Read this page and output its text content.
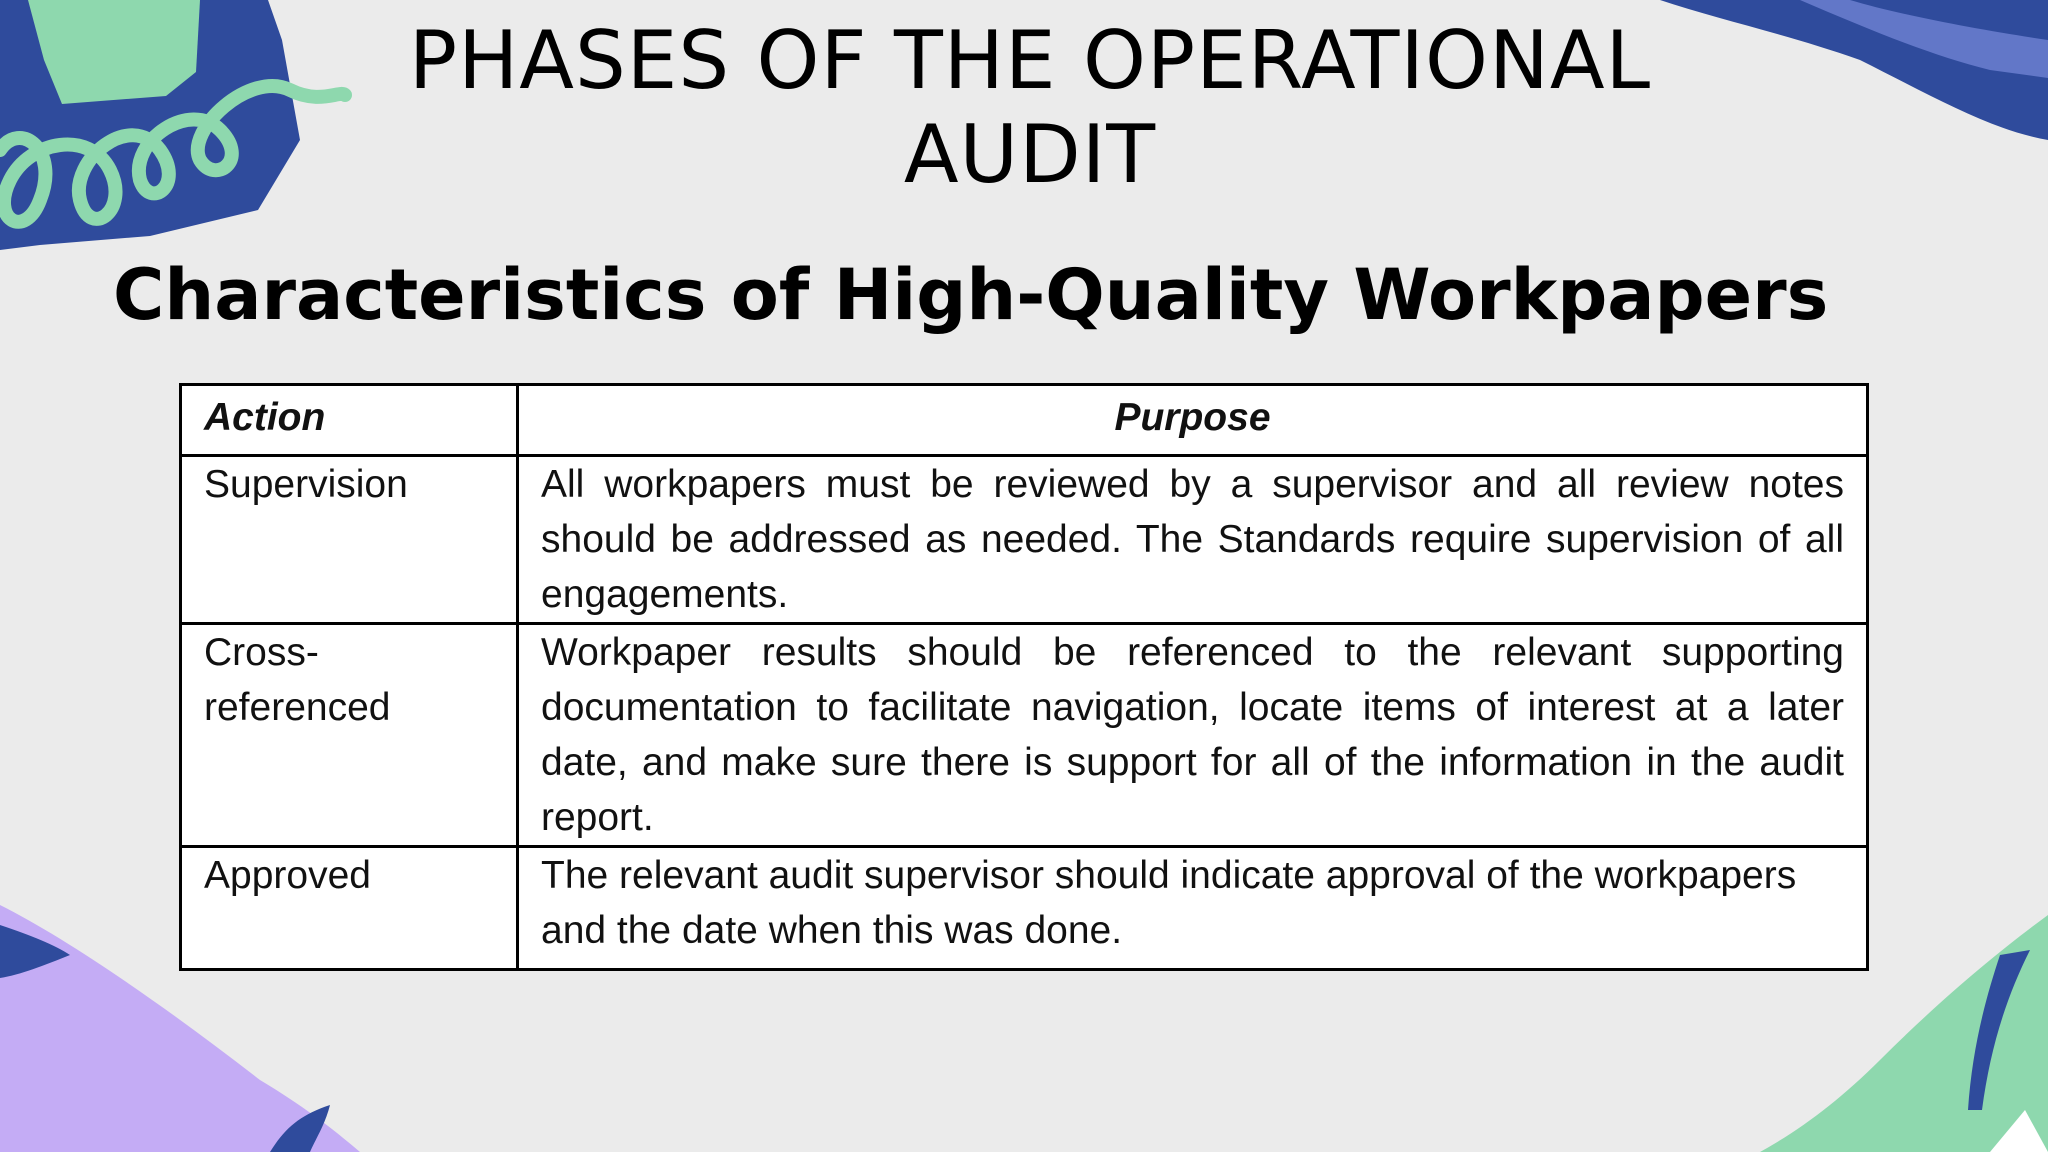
PHASES OF THE OPERATIONAL AUDIT
Characteristics of High-Quality Workpapers
Action	Purpose
Supervision	All workpapers must be reviewed by a supervisor and all review notes should be addressed as needed. The Standards require supervision of all engagements.
Cross-referenced	Workpaper results should be referenced to the relevant supporting documentation to facilitate navigation, locate items of interest at a later date, and make sure there is support for all of the information in the audit report.
Approved	The relevant audit supervisor should indicate approval of the workpapers and the date when this was done.
